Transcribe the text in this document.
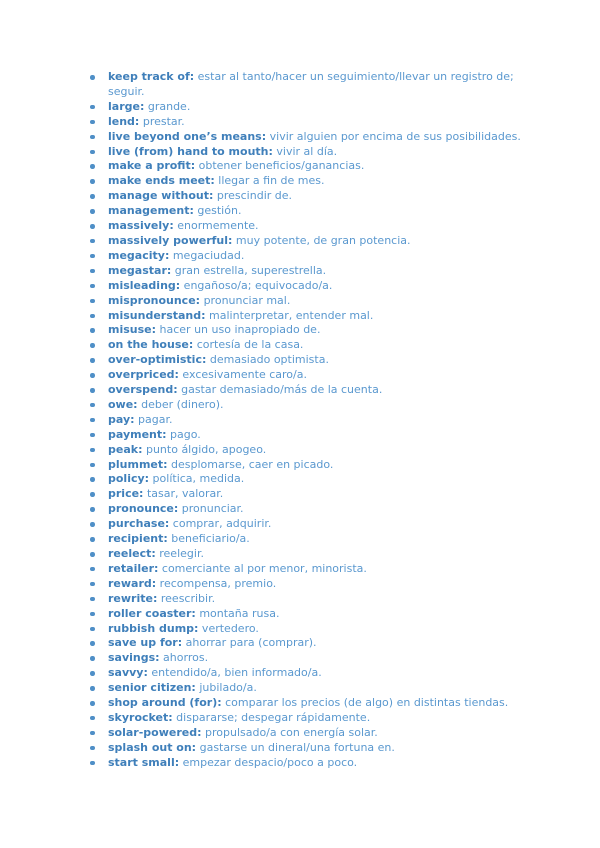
keep track of: estar al tanto/hacer un seguimiento/llevar un registro de; seguir.
large: grande.
lend: prestar.
live beyond one’s means: vivir alguien por encima de sus posibilidades.
live (from) hand to mouth: vivir al día.
make a profit: obtener beneficios/ganancias.
make ends meet: llegar a fin de mes.
manage without: prescindir de.
management: gestión.
massively: enormemente.
massively powerful: muy potente, de gran potencia.
megacity: megaciudad.
megastar: gran estrella, superestrella.
misleading: engañoso/a; equivocado/a.
mispronounce: pronunciar mal.
misunderstand: malinterpretar, entender mal.
misuse: hacer un uso inapropiado de.
on the house: cortesía de la casa.
over-optimistic: demasiado optimista.
overpriced: excesivamente caro/a.
overspend: gastar demasiado/más de la cuenta.
owe: deber (dinero).
pay: pagar.
payment: pago.
peak: punto álgido, apogeo.
plummet: desplomarse, caer en picado.
policy: política, medida.
price: tasar, valorar.
pronounce: pronunciar.
purchase: comprar, adquirir.
recipient: beneficiario/a.
reelect: reelegir.
retailer: comerciante al por menor, minorista.
reward: recompensa, premio.
rewrite: reescribir.
roller coaster: montaña rusa.
rubbish dump: vertedero.
save up for: ahorrar para (comprar).
savings: ahorros.
savvy: entendido/a, bien informado/a.
senior citizen: jubilado/a.
shop around (for): comparar los precios (de algo) en distintas tiendas.
skyrocket: dispararse; despegar rápidamente.
solar-powered: propulsado/a con energía solar.
splash out on: gastarse un dineral/una fortuna en.
start small: empezar despacio/poco a poco.
